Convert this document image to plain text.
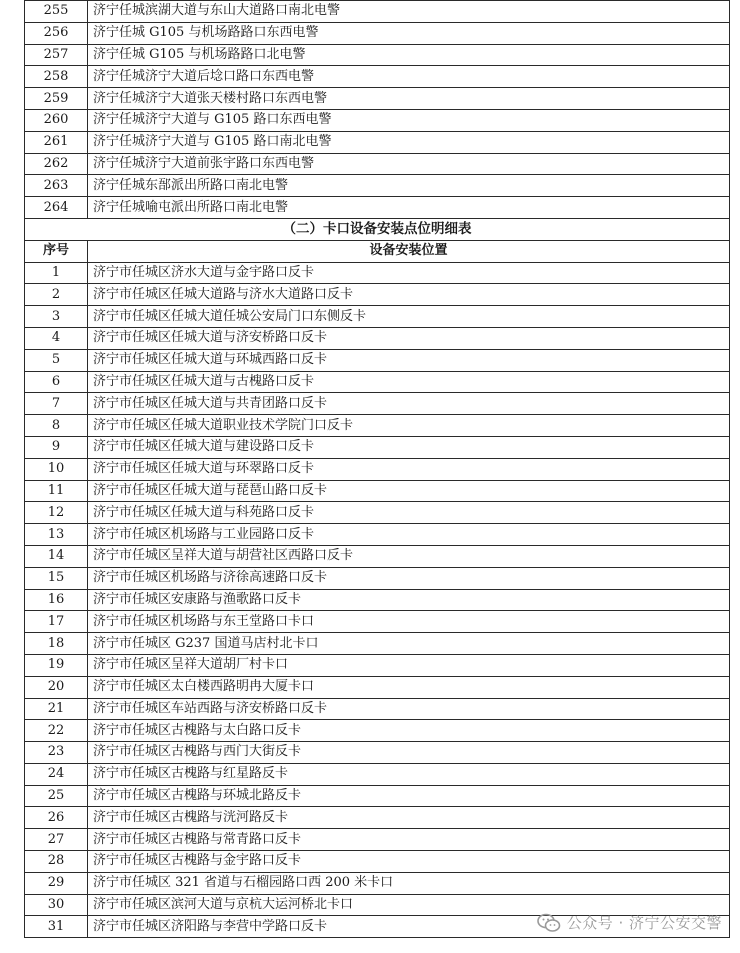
255	济宁任城滨湖大道与东山大道路口南北电警
256	济宁任城 G105 与机场路路口东西电警
257	济宁任城 G105 与机场路路口北电警
258	济宁任城济宁大道后埝口路口东西电警
259	济宁任城济宁大道张天楼村路口东西电警
260	济宁任城济宁大道与 G105 路口东西电警
261	济宁任城济宁大道与 G105 路口南北电警
262	济宁任城济宁大道前张宇路口东西电警
263	济宁任城东郚派出所路口南北电警
264	济宁任城喻屯派出所路口南北电警
（二）卡口设备安装点位明细表	
序号	设备安装位置
1	济宁市任城区济水大道与金宇路口反卡
2	济宁市任城区任城大道路与济水大道路口反卡
3	济宁市任城区任城大道任城公安局门口东侧反卡
4	济宁市任城区任城大道与济安桥路口反卡
5	济宁市任城区任城大道与环城西路口反卡
6	济宁市任城区任城大道与古槐路口反卡
7	济宁市任城区任城大道与共青团路口反卡
8	济宁市任城区任城大道职业技术学院门口反卡
9	济宁市任城区任城大道与建设路口反卡
10	济宁市任城区任城大道与环翠路口反卡
11	济宁市任城区任城大道与琵琶山路口反卡
12	济宁市任城区任城大道与科苑路口反卡
13	济宁市任城区机场路与工业园路口反卡
14	济宁市任城区呈祥大道与胡营社区西路口反卡
15	济宁市任城区机场路与济徐高速路口反卡
16	济宁市任城区安康路与渔歌路口反卡
17	济宁市任城区机场路与东王堂路口卡口
18	济宁市任城区 G237 国道马店村北卡口
19	济宁市任城区呈祥大道胡厂村卡口
20	济宁市任城区太白楼西路明冉大厦卡口
21	济宁市任城区车站西路与济安桥路口反卡
22	济宁市任城区古槐路与太白路口反卡
23	济宁市任城区古槐路与西门大街反卡
24	济宁市任城区古槐路与红星路反卡
25	济宁市任城区古槐路与环城北路反卡
26	济宁市任城区古槐路与洸河路反卡
27	济宁市任城区古槐路与常青路口反卡
28	济宁市任城区古槐路与金宇路口反卡
29	济宁市任城区 321 省道与石榴园路口西 200 米卡口
30	济宁市任城区滨河大道与京杭大运河桥北卡口
31	济宁市任城区济阳路与李营中学路口反卡	公众号 · 济宁公安交警
